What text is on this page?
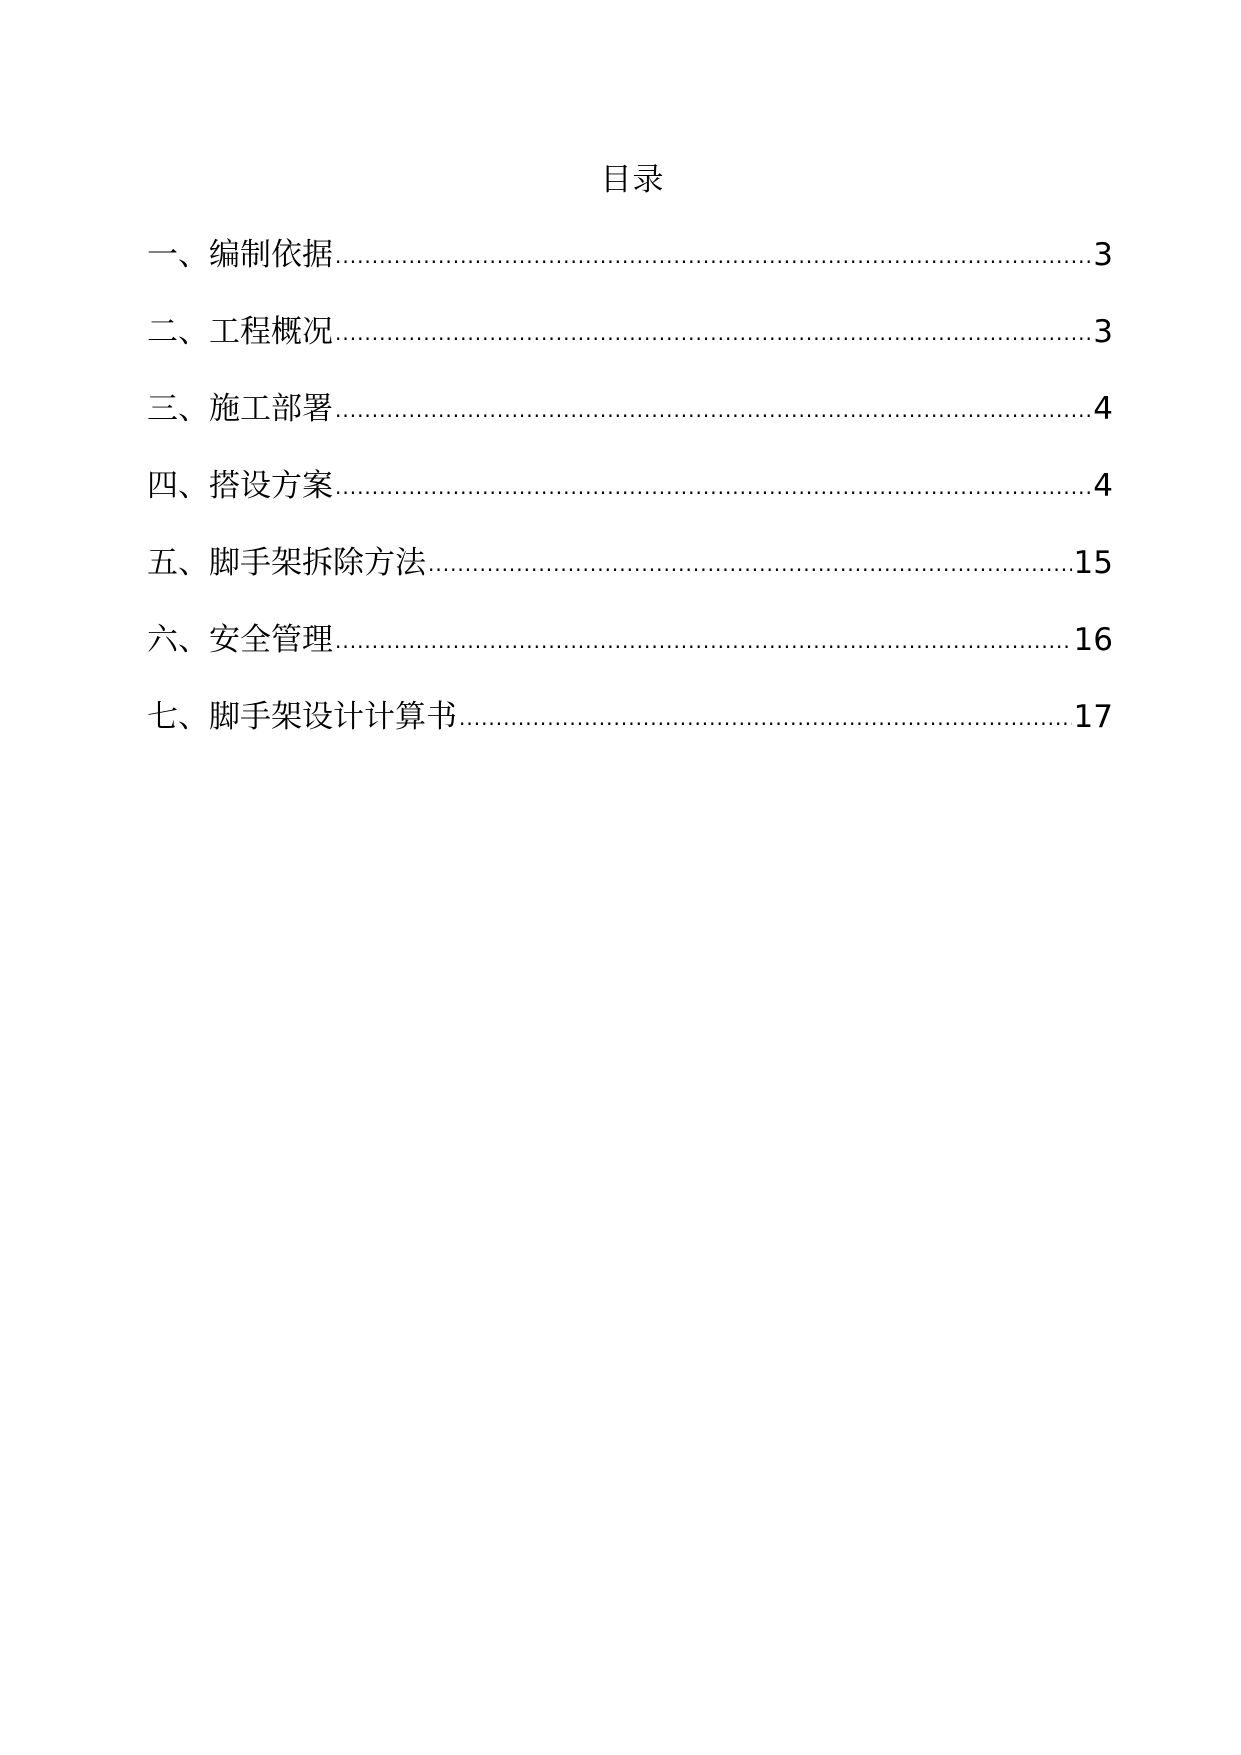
目录
一、 编制依据 .....	3
二、 工程概况 .....	3
三、 施工部署 .....	4
四、 搭设方案 .....	4
五、 脚手架拆除方法 .....	15
六、 安全管理 .....	16
七、 脚手架设计计算书 .....	17
